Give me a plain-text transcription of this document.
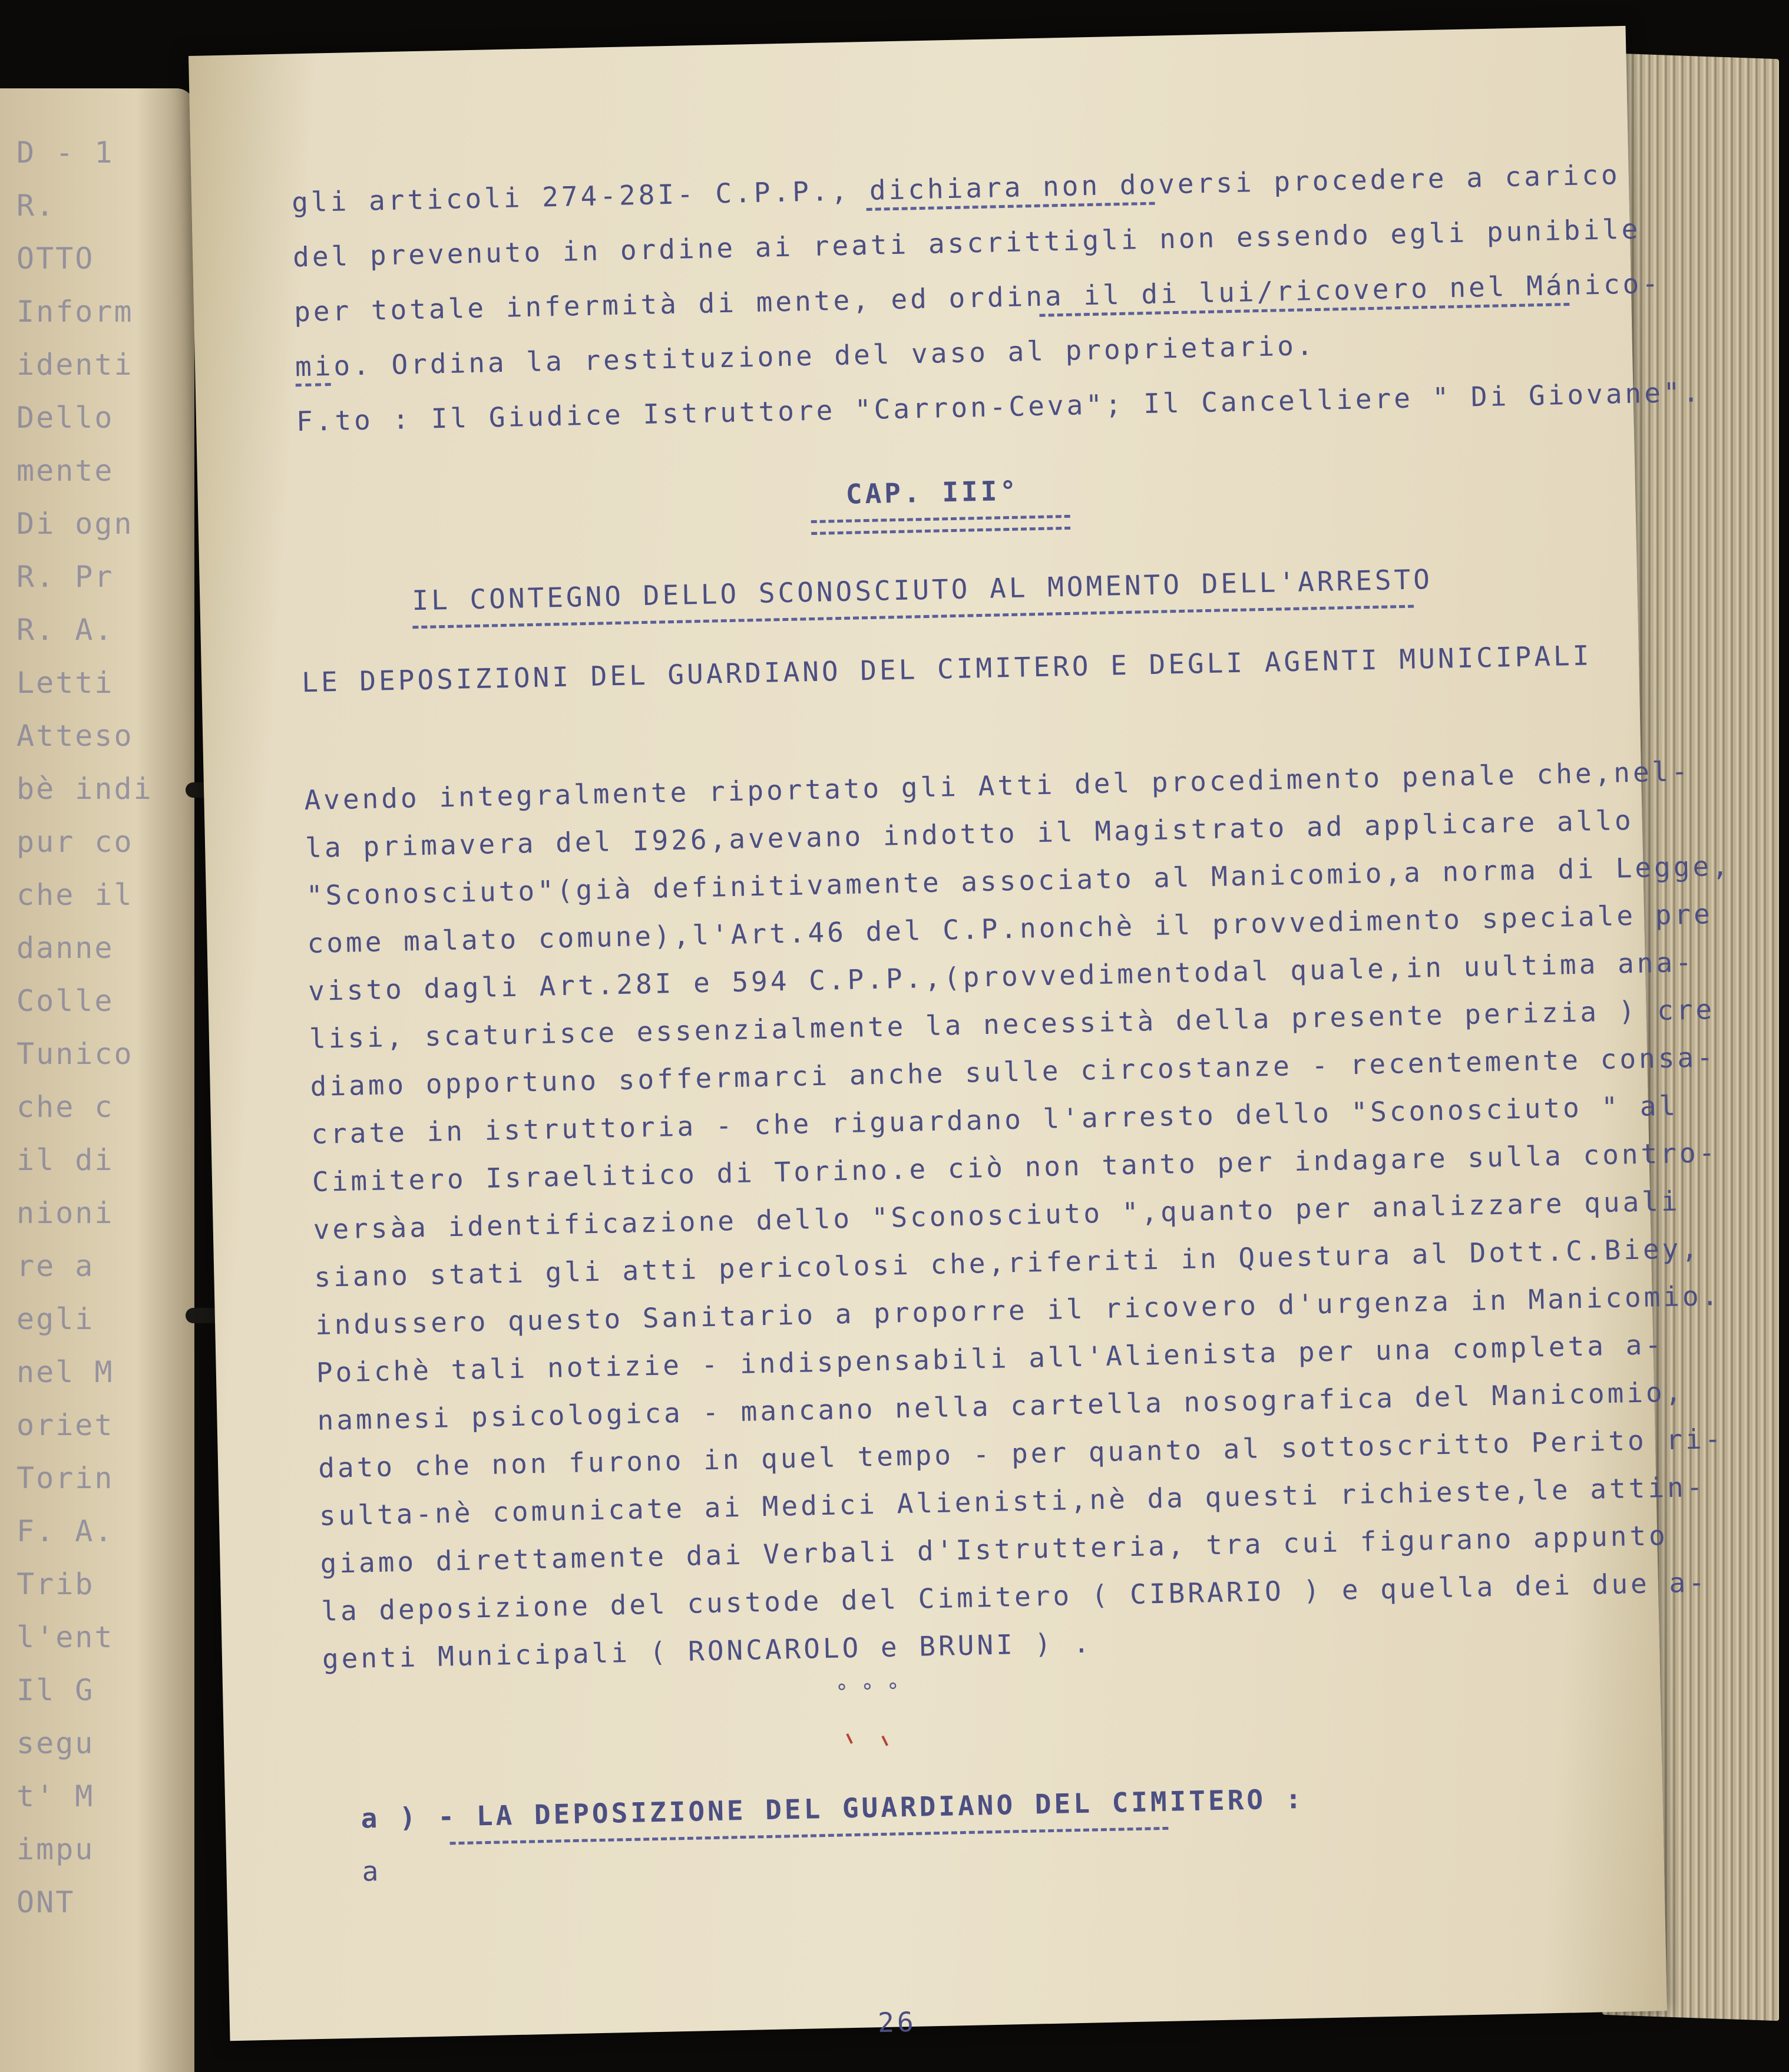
D - 1
R.
OTTO
Inform
identi
Dello
mente
Di ogn
R. Pr
R. A.
Letti
Atteso
bè indi
pur co
che il
danne
Colle
Tunico
che c
il di
nioni
re a
egli
nel M
oriet
Torin
F. A.
Trib
l'ent
Il G
segu
t' M
impu
ONT
gli articoli 274-28I- C.P.P., dichiara non doversi procedere a carico
del prevenuto in ordine ai reati ascrittigli non essendo egli punibile
per totale infermità di mente, ed ordina il di lui/ricovero nel Mánico-
mio. Ordina la restituzione del vaso al proprietario.
F.to : Il Giudice Istruttore "Carron-Ceva"; Il Cancelliere " Di Giovane".
CAP. III°
IL CONTEGNO DELLO SCONOSCIUTO AL MOMENTO DELL'ARRESTO
LE DEPOSIZIONI DEL GUARDIANO DEL CIMITERO E DEGLI AGENTI MUNICIPALI
Avendo integralmente riportato gli Atti del procedimento penale che,nel-
la primavera del I926,avevano indotto il Magistrato ad applicare allo
"Sconosciuto"(già definitivamente associato al Manicomio,a norma di Legge,
come malato comune),l'Art.46 del C.P.nonchè il provvedimento speciale pre
visto dagli Art.28I e 594 C.P.P.,(provvedimentodal quale,in uultima ana-
lisi, scaturisce essenzialmente la necessità della presente perizia ) cre
diamo opportuno soffermarci anche sulle circostanze - recentemente consa-
crate in istruttoria - che riguardano l'arresto dello "Sconosciuto " al
Cimitero Israelitico di Torino.e ciò non tanto per indagare sulla contro-
versàa identificazione dello "Sconosciuto ",quanto per analizzare quali
siano stati gli atti pericolosi che,riferiti in Questura al Dott.C.Biey,
indussero questo Sanitario a proporre il ricovero d'urgenza in Manicomio.
Poichè tali notizie - indispensabili all'Alienista per una completa a-
namnesi psicologica - mancano nella cartella nosografica del Manicomio,
dato che non furono in quel tempo - per quanto al sottoscritto Perito ri-
sulta-nè comunicate ai Medici Alienisti,nè da questi richieste,le attin-
giamo direttamente dai Verbali d'Istrutteria, tra cui figurano appunto
la deposizione del custode del Cimitero ( CIBRARIO ) e quella dei due a-
genti Municipali ( RONCAROLO e BRUNI ) .
° ° °
a ) - LA DEPOSIZIONE DEL GUARDIANO DEL CIMITERO :
a
26
